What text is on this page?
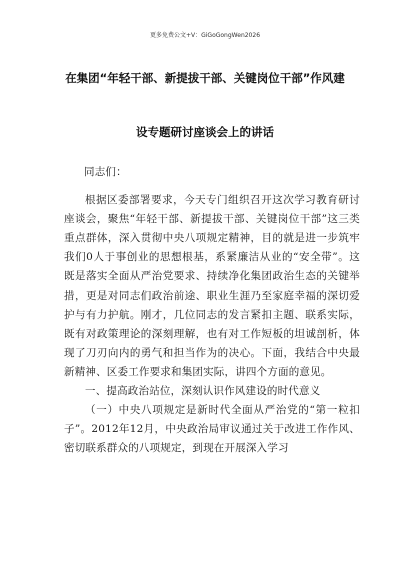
更多免费公文+V：GiGoGongWen2026
在集团“年轻干部、新提拔干部、关键岗位干部”作风建
设专题研讨座谈会上的讲话

同志们：

根据区委部署要求，今天专门组织召开这次学习教育研讨座谈会，聚焦“年轻干部、新提拔干部、关键岗位干部”这三类重点群体，深入贯彻中央八项规定精神，目的就是进一步筑牢我们0人于事创业的思想根基，系紧廉洁从业的“安全带”。这既是落实全面从严治党要求、持续净化集团政治生态的关键举措，更是对同志们政治前途、职业生涯乃至家庭幸福的深切爱护与有力护航。刚才，几位同志的发言紧扣主题、联系实际，既有对政策理论的深刻理解，也有对工作短板的坦诚剖析，体现了刀刃向内的勇气和担当作为的决心。下面，我结合中央最新精神、区委工作要求和集团实际，讲四个方面的意见。

一、提高政治站位，深刻认识作风建设的时代意义

（一）中央八项规定是新时代全面从严治党的“第一粒扣子”。2012年12月，中央政治局审议通过关于改进工作作风、密切联系群众的八项规定，到现在开展深入学习
